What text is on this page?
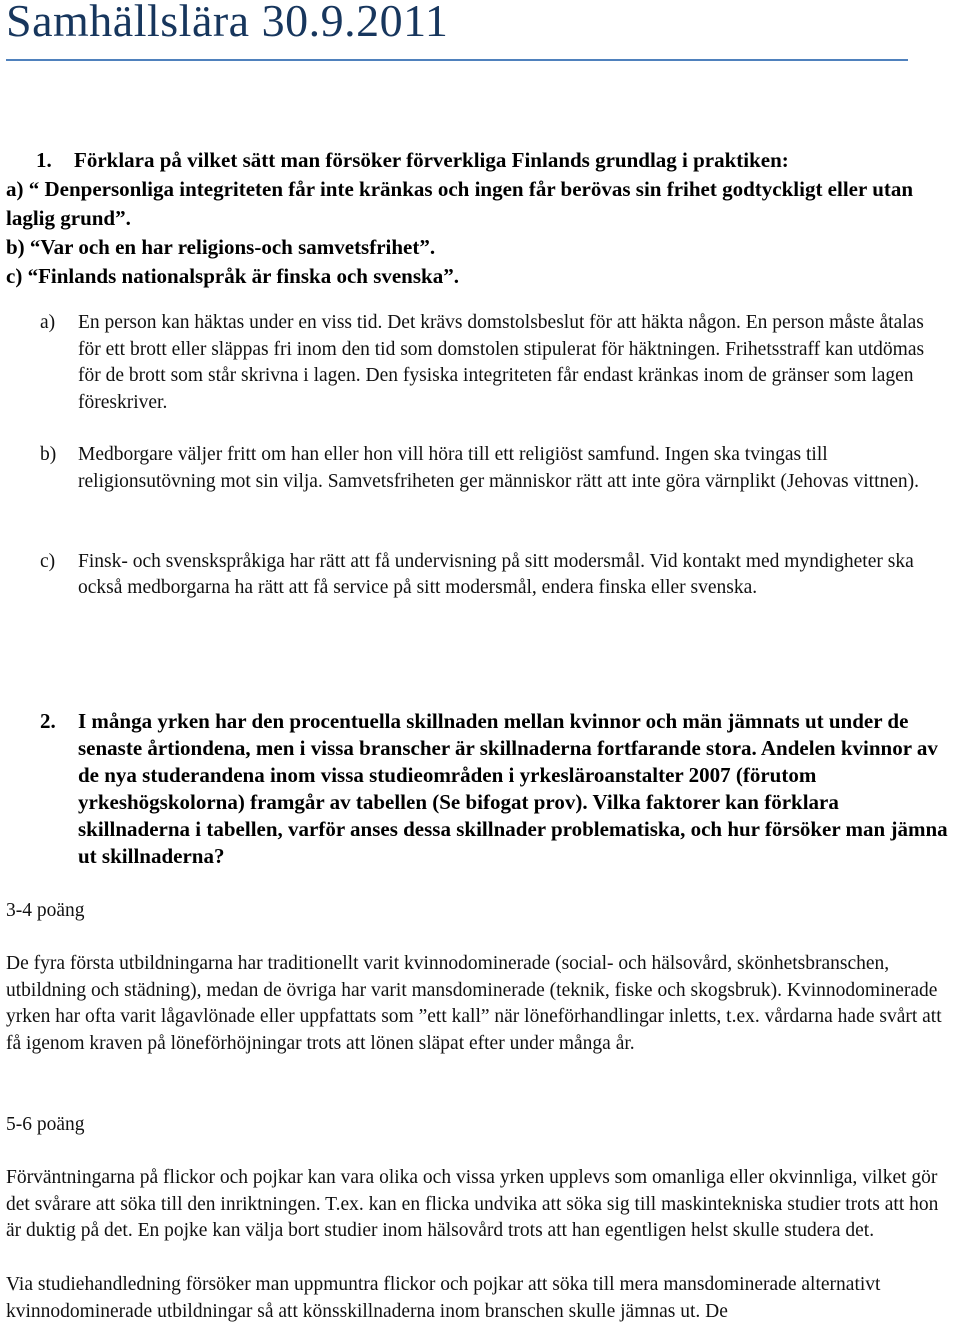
Samhällslära 30.9.2011
1. Förklara på vilket sätt man försöker förverkliga Finlands grundlag i praktiken:
a) “ Denpersonliga integriteten får inte kränkas och ingen får berövas sin frihet godtyckligt eller utan laglig grund”.
b) “Var och en har religions-och samvetsfrihet”.
c) “Finlands nationalspråk är finska och svenska”.
a) En person kan häktas under en viss tid. Det krävs domstolsbeslut för att häkta någon. En person måste åtalas för ett brott eller släppas fri inom den tid som domstolen stipulerat för häktningen. Frihetsstraff kan utdömas för de brott som står skrivna i lagen. Den fysiska integriteten får endast kränkas inom de gränser som lagen föreskriver.
b) Medborgare väljer fritt om han eller hon vill höra till ett religiöst samfund. Ingen ska tvingas till religionsutövning mot sin vilja. Samvetsfriheten ger människor rätt att inte göra värnplikt (Jehovas vittnen).
c) Finsk- och svenskspråkiga har rätt att få undervisning på sitt modersmål. Vid kontakt med myndigheter ska också medborgarna ha rätt att få service på sitt modersmål, endera finska eller svenska.
2.	I många yrken har den procentuella skillnaden mellan kvinnor och män jämnats ut under de senaste årtiondena, men i vissa branscher är skillnaderna fortfarande stora. Andelen kvinnor av de nya studerandena inom vissa studieområden i yrkesläroanstalter 2007 (förutom yrkeshögskolorna) framgår av tabellen (Se bifogat prov). Vilka faktorer kan förklara skillnaderna i tabellen, varför anses dessa skillnader problematiska, och hur försöker man jämna ut skillnaderna?

3-4 poäng

De fyra första utbildningarna har traditionellt varit kvinnodominerade (social- och hälsovård, skönhetsbranschen, utbildning och städning), medan de övriga har varit mansdominerade (teknik, fiske och skogsbruk). Kvinnodominerade yrken har ofta varit lågavlönade eller uppfattats som ”ett kall” när löneförhandlingar inletts, t.ex. vårdarna hade svårt att få igenom kraven på löneförhöjningar trots att lönen släpat efter under många år.

5-6 poäng

Förväntningarna på flickor och pojkar kan vara olika och vissa yrken upplevs som omanliga eller okvinnliga, vilket gör det svårare att söka till den inriktningen. T.ex. kan en flicka undvika att söka sig till maskintekniska studier trots att hon är duktig på det. En pojke kan välja bort studier inom hälsovård trots att han egentligen helst skulle studera det.

Via studiehandledning försöker man uppmuntra flickor och pojkar att söka till mera mansdominerade alternativt kvinnodominerade utbildningar så att könsskillnaderna inom branschen skulle jämnas ut. De
